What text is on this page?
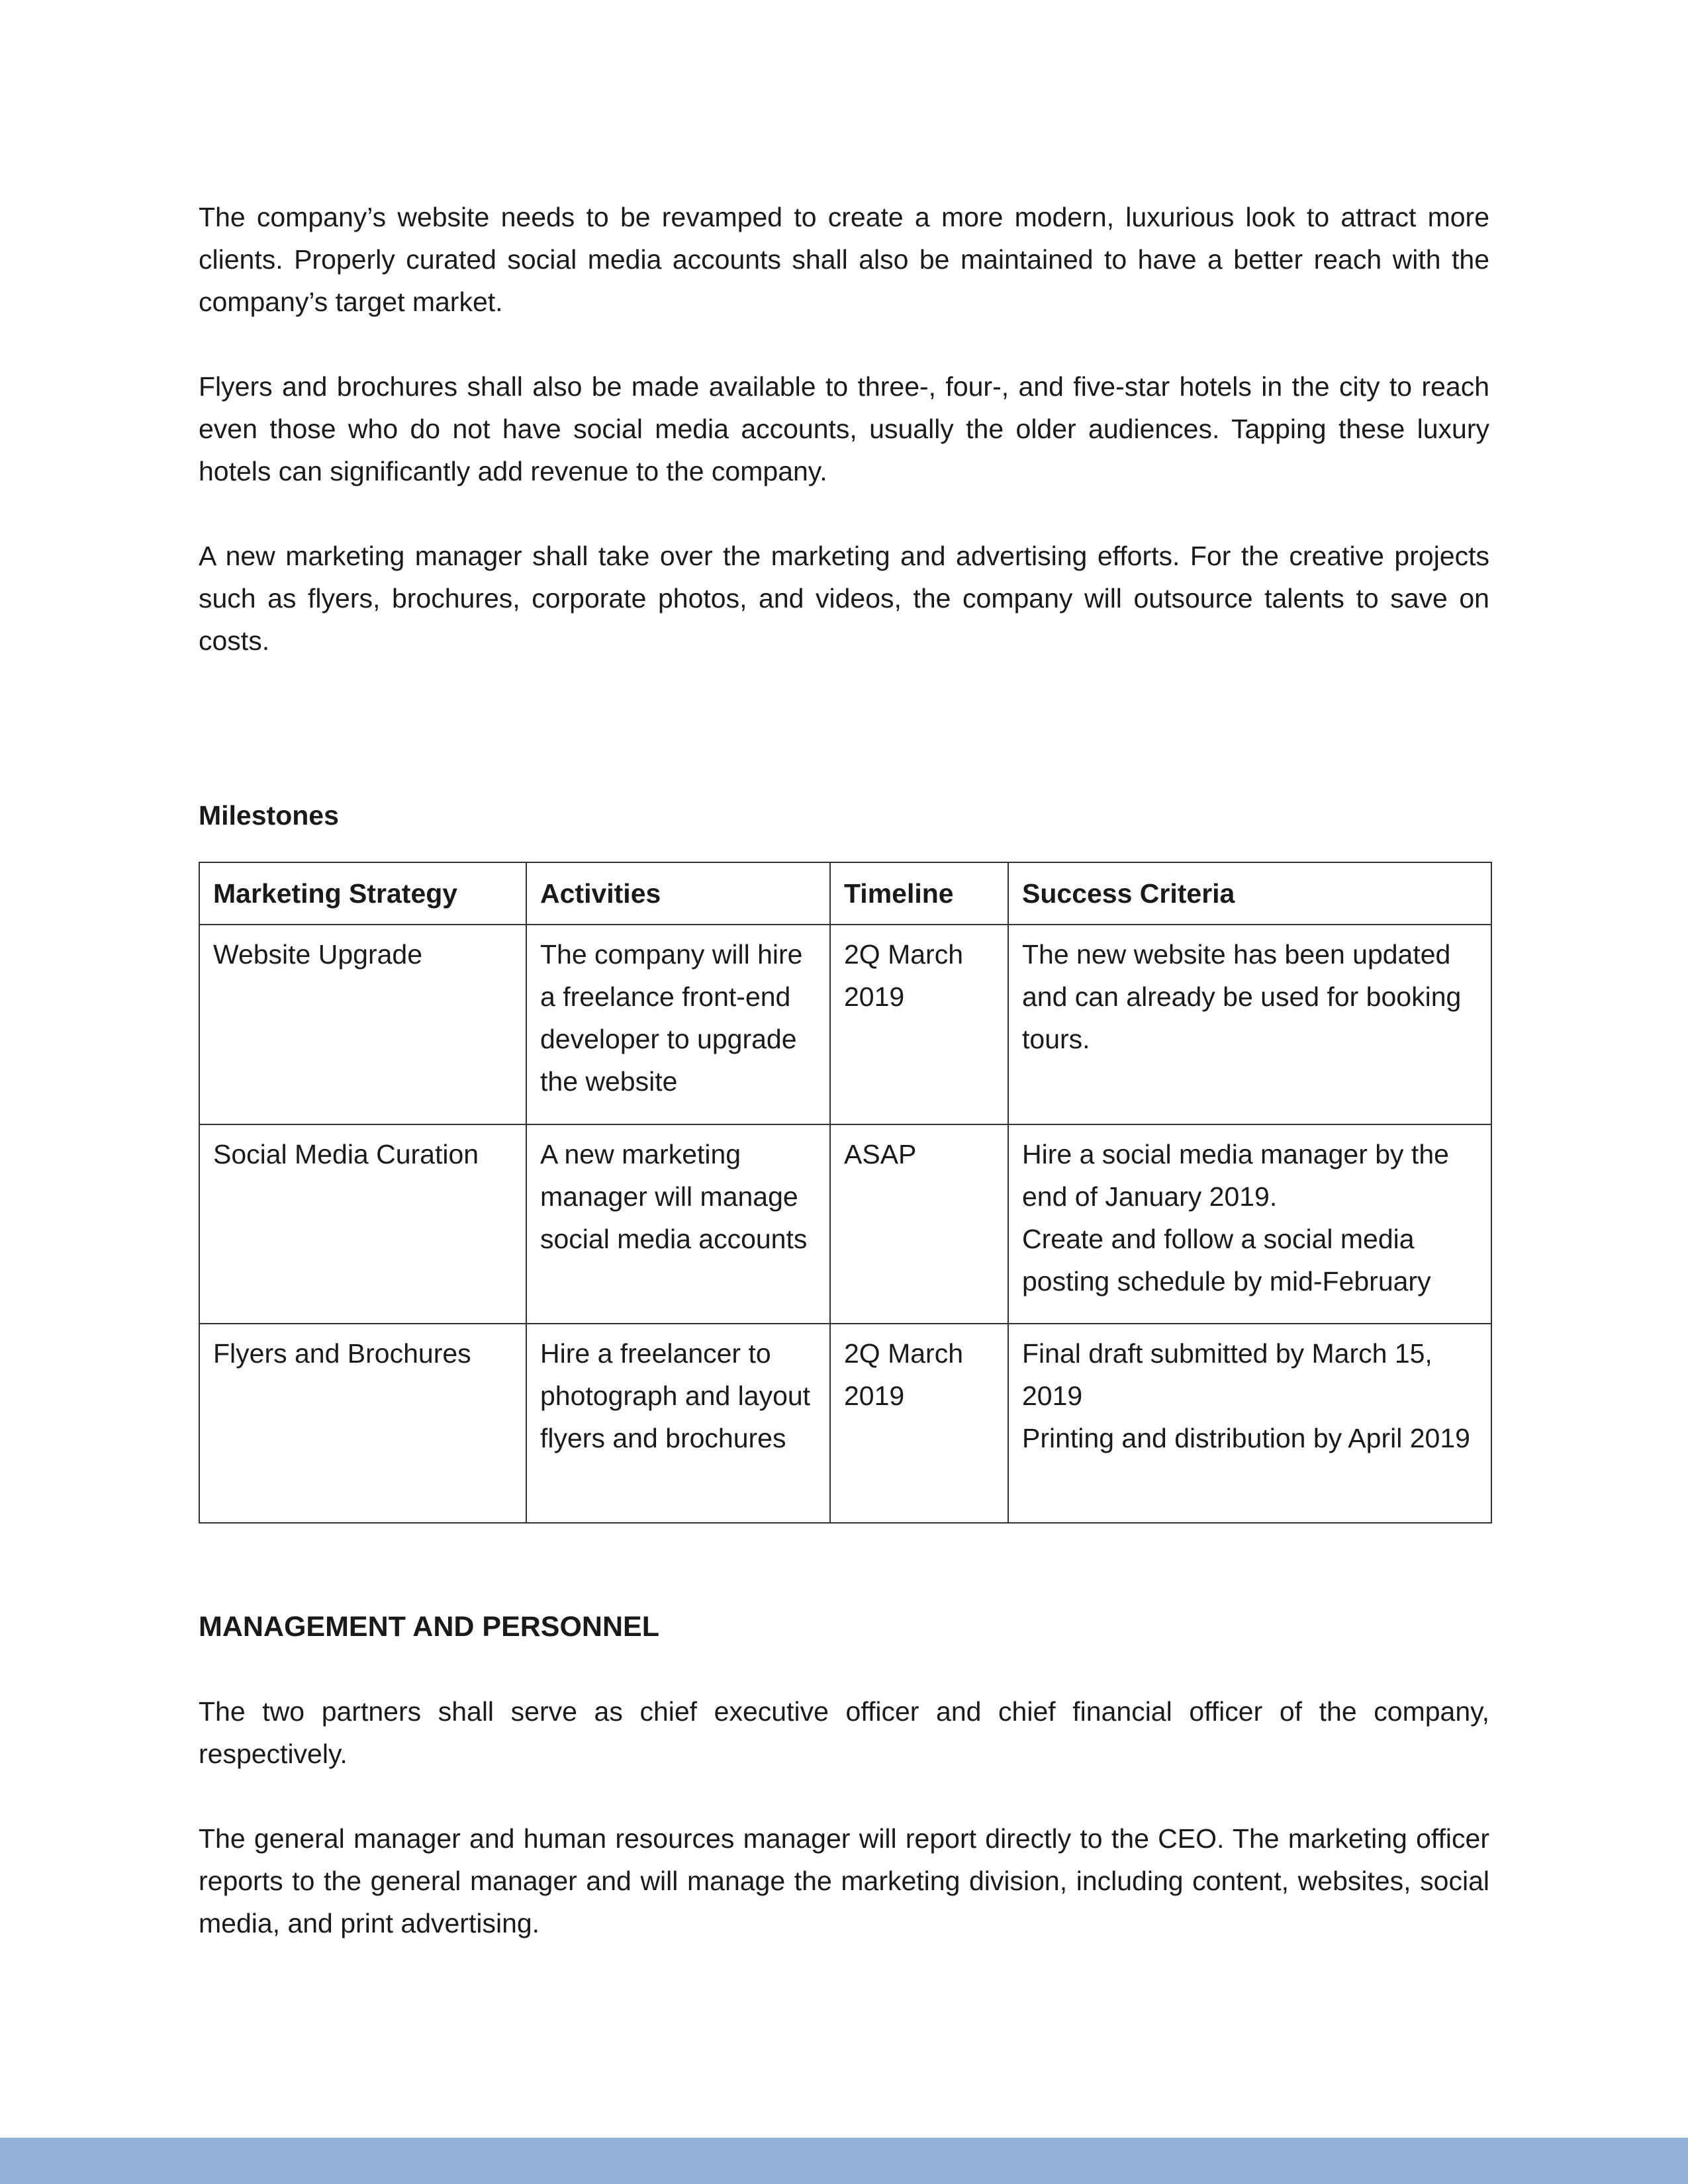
The company’s website needs to be revamped to create a more modern, luxurious look to attract more clients. Properly curated social media accounts shall also be maintained to have a better reach with the company’s target market.

Flyers and brochures shall also be made available to three-, four-, and five-star hotels in the city to reach even those who do not have social media accounts, usually the older audiences. Tapping these luxury hotels can significantly add revenue to the company.

A new marketing manager shall take over the marketing and advertising efforts. For the creative projects such as flyers, brochures, corporate photos, and videos, the company will outsource talents to save on costs.

Milestones
Marketing Strategy	Activities	Timeline	Success Criteria
Website Upgrade	The company will hire a freelance front-end developer to upgrade the website	2Q March 2019	The new website has been updated and can already be used for booking tours.

Social Media Curation	A new marketing manager will manage social media accounts	ASAP	Hire a social media manager by the end of January 2019.
Create and follow a social media posting schedule by mid-February

Flyers and Brochures	Hire a freelancer to photograph and layout flyers and brochures	2Q March 2019	Final draft submitted by March 15, 2019
Printing and distribution by April 2019
MANAGEMENT AND PERSONNEL

The two partners shall serve as chief executive officer and chief financial officer of the company, respectively.

The general manager and human resources manager will report directly to the CEO. The marketing officer reports to the general manager and will manage the marketing division, including content, websites, social media, and print advertising.
